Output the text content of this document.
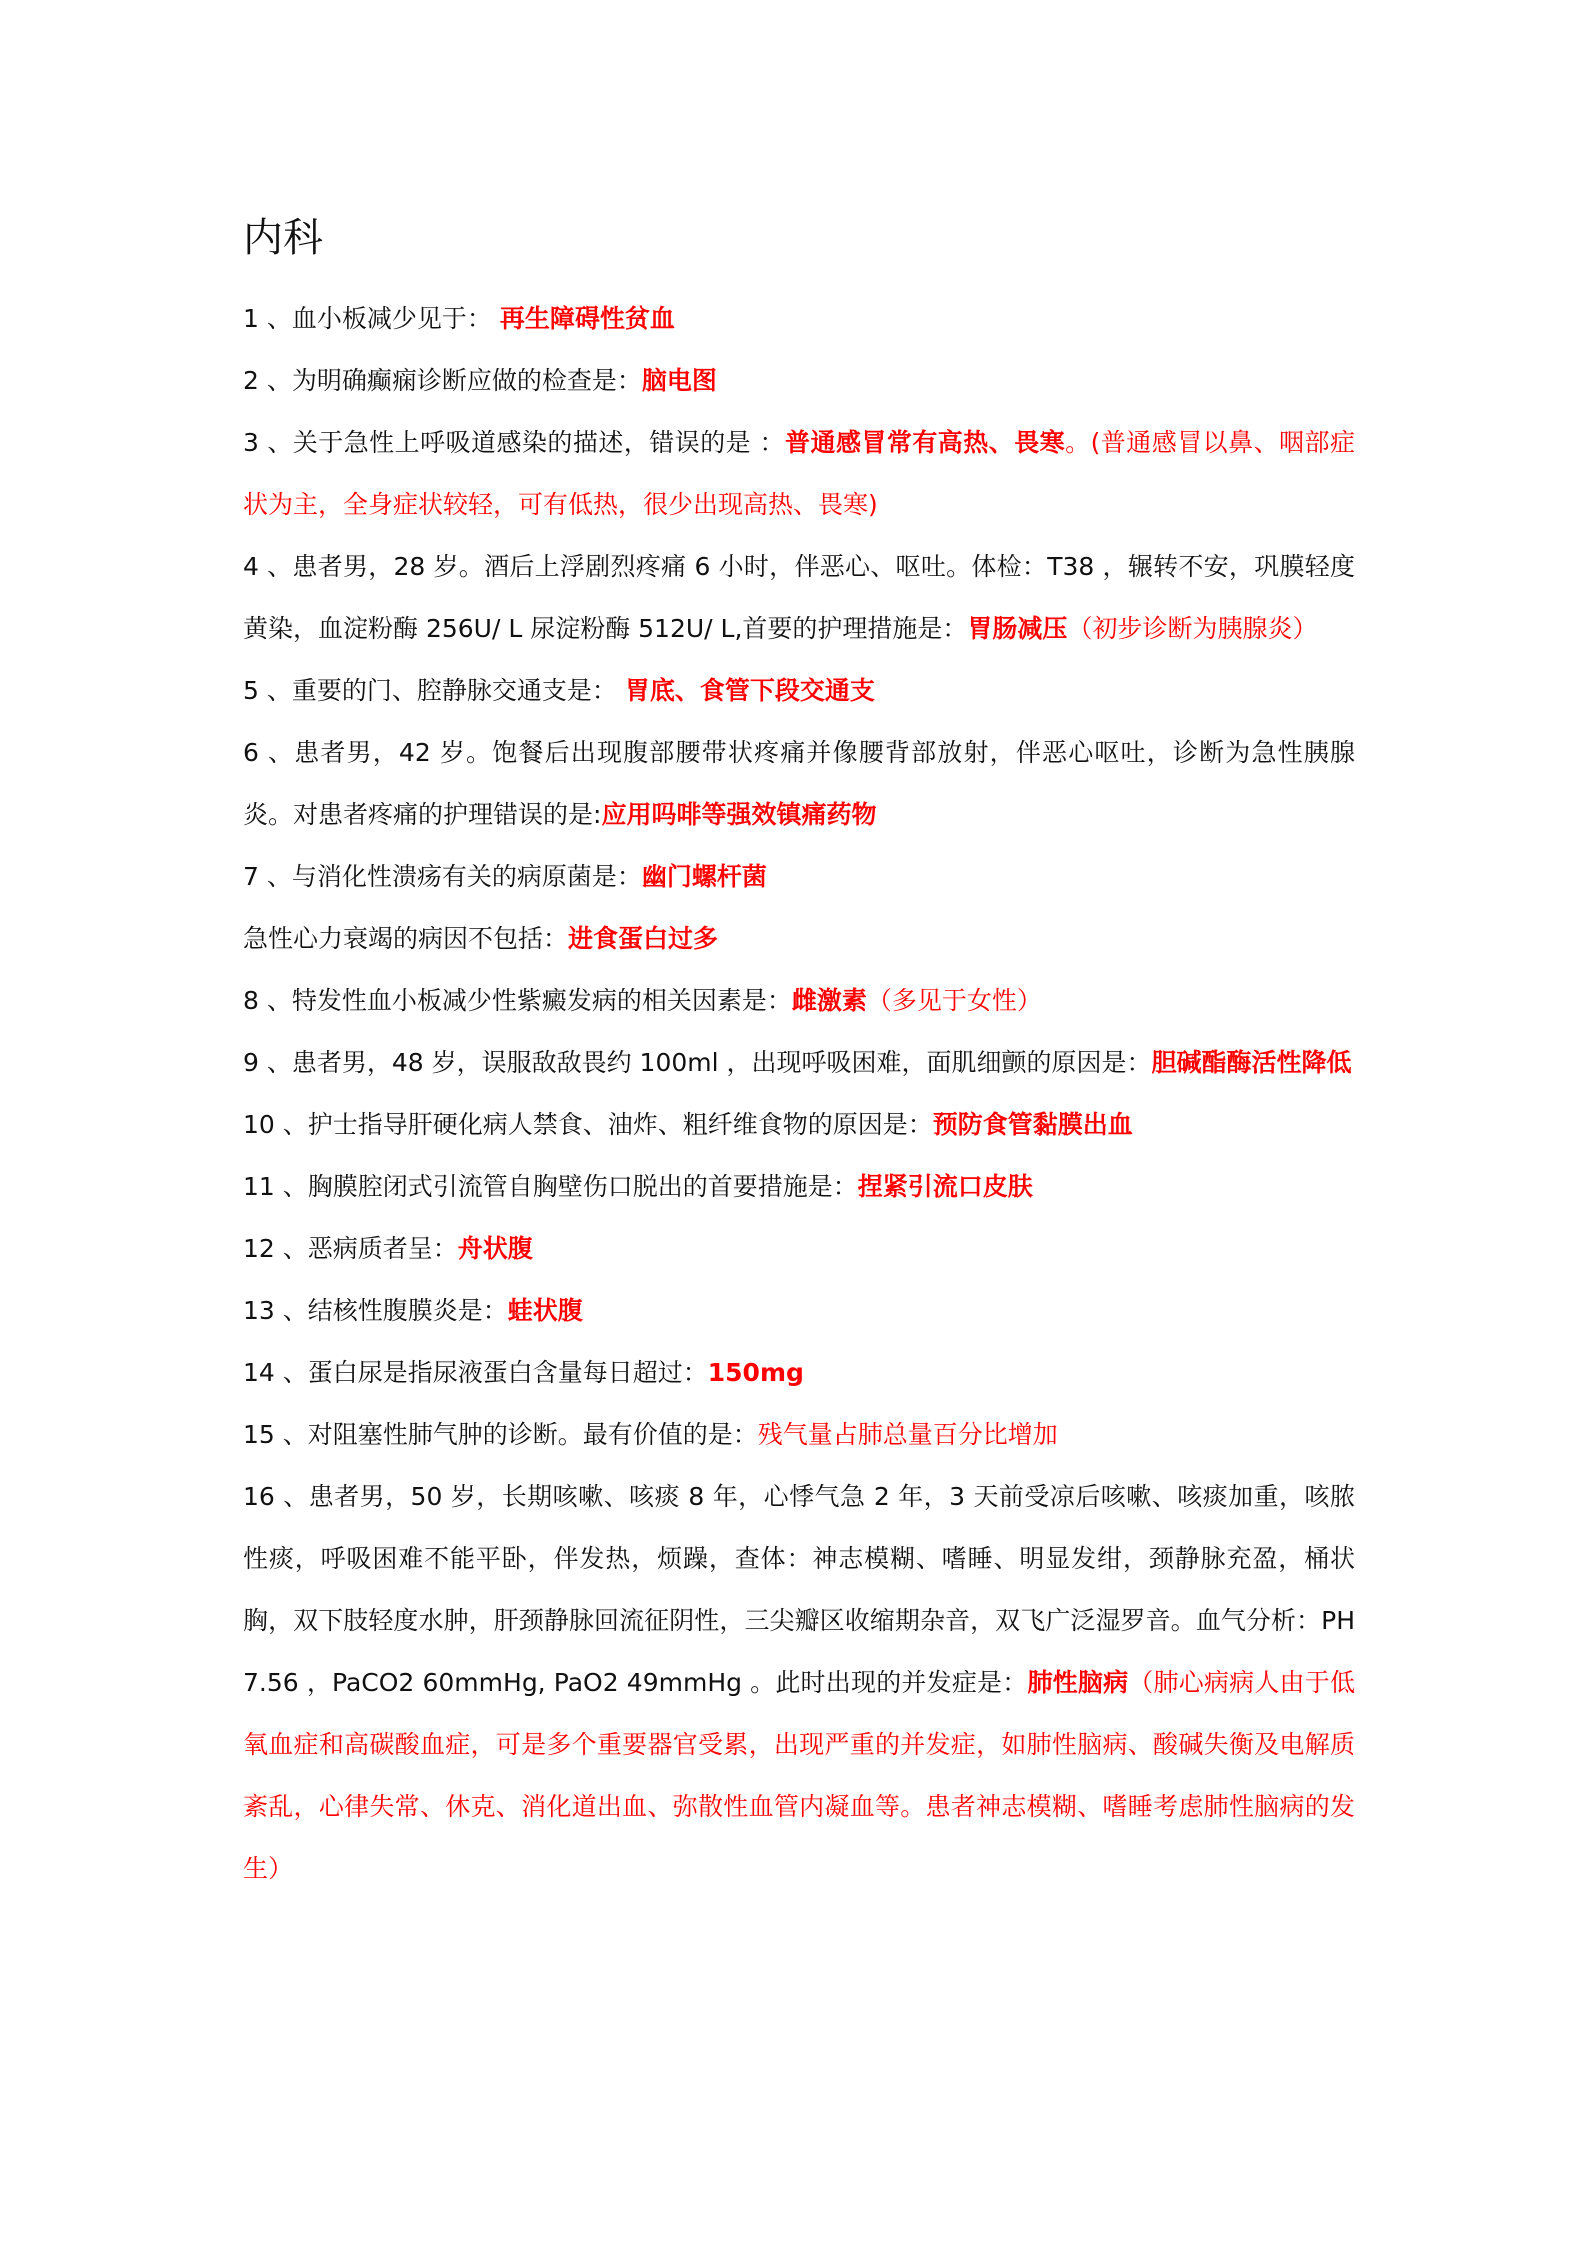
内科

1 、血小板减少见于： 再生障碍性贫血

2 、为明确癫痫诊断应做的检查是：脑电图

3 、关于急性上呼吸道感染的描述，错误的是 ：普通感冒常有高热、畏寒。(普通感冒以鼻、咽部症状为主，全身症状较轻，可有低热，很少出现高热、畏寒)

4 、患者男，28 岁。酒后上浮剧烈疼痛 6 小时，伴恶心、呕吐。体检：T38 ，辗转不安，巩膜轻度黄染，血淀粉酶 256U/ L 尿淀粉酶 512U/ L,首要的护理措施是：胃肠减压（初步诊断为胰腺炎）

5 、重要的门、腔静脉交通支是： 胃底、食管下段交通支

6 、患者男，42 岁。饱餐后出现腹部腰带状疼痛并像腰背部放射，伴恶心呕吐，诊断为急性胰腺炎。对患者疼痛的护理错误的是:应用吗啡等强效镇痛药物

7 、与消化性溃疡有关的病原菌是：幽门螺杆菌

急性心力衰竭的病因不包括：进食蛋白过多

8 、特发性血小板减少性紫癜发病的相关因素是：雌激素（多见于女性）

9 、患者男，48 岁，误服敌敌畏约 100ml ，出现呼吸困难，面肌细颤的原因是：胆碱酯酶活性降低

10 、护士指导肝硬化病人禁食、油炸、粗纤维食物的原因是：预防食管黏膜出血

11 、胸膜腔闭式引流管自胸壁伤口脱出的首要措施是：捏紧引流口皮肤

12 、恶病质者呈：舟状腹

13 、结核性腹膜炎是：蛙状腹

14 、蛋白尿是指尿液蛋白含量每日超过：150mg

15 、对阻塞性肺气肿的诊断。最有价值的是：残气量占肺总量百分比增加

16 、患者男，50 岁，长期咳嗽、咳痰 8 年，心悸气急 2 年，3 天前受凉后咳嗽、咳痰加重，咳脓性痰，呼吸困难不能平卧，伴发热，烦躁，查体：神志模糊、嗜睡、明显发绀，颈静脉充盈，桶状胸，双下肢轻度水肿，肝颈静脉回流征阴性，三尖瓣区收缩期杂音，双飞广泛湿罗音。血气分析：PH7.56 ，PaCO2 60mmHg, PaO2 49mmHg 。此时出现的并发症是：肺性脑病（肺心病病人由于低氧血症和高碳酸血症，可是多个重要器官受累，出现严重的并发症，如肺性脑病、酸碱失衡及电解质紊乱，心律失常、休克、消化道出血、弥散性血管内凝血等。患者神志模糊、嗜睡考虑肺性脑病的发生）
